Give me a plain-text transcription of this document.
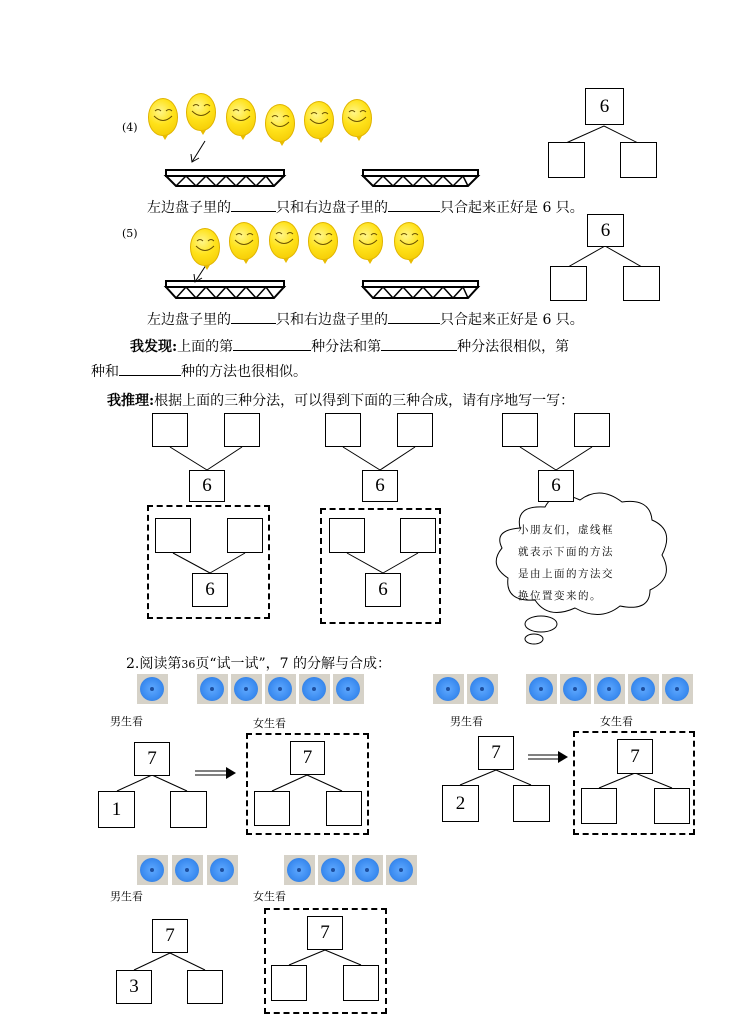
(4)
6
左边盘子里的	只和右边盘子里的	只合起来正好是 6 只。
(5)	6
左边盘子里的	只和右边盘子里的	只合起来正好是 6 只。
我发现:上面的第	种分法和第	种分法很相似，第
种和	种的方法也很相似。
我推理:根据上面的三种分法，可以得到下面的三种合成，请有序地写一写：
6	6	6
6	6
小朋友们，虚线框
就表示下面的方法
是由上面的方法交
换位置变来的。
2.阅读第36页“试一试”，7 的分解与合成：
男生看	女生看	男生看	女生看
7
1
7	7
2
7
男生看	女生看
7
3
7
